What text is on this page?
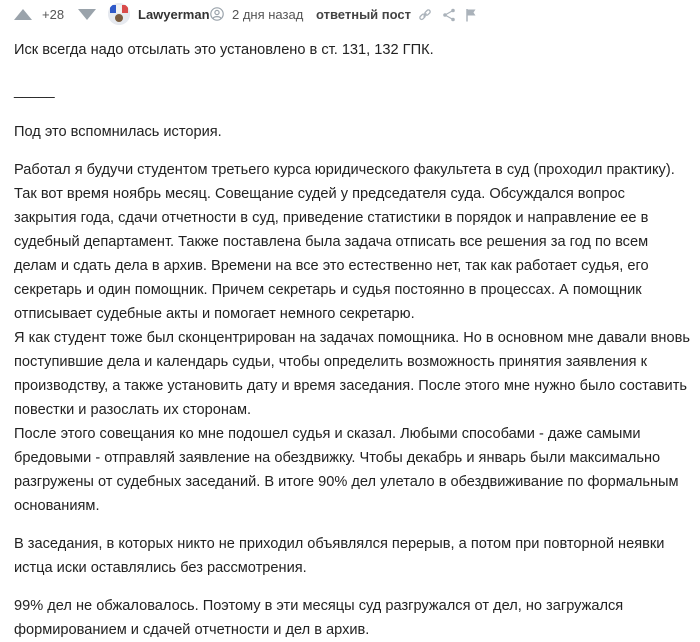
+28	Lawyerman 2 дня назад ответный пост

Иск всегда надо отсылать это установлено в ст. 131, 132 ГПК.

_____

Под это вспомнилась история.

Работал я будучи студентом третьего курса юридического факультета в суд (проходил практику). Так вот время ноябрь месяц. Совещание судей у председателя суда. Обсуждался вопрос закрытия года, сдачи отчетности в суд, приведение статистики в порядок и направление ее в судебный департамент. Также поставлена была задача отписать все решения за год по всем делам и сдать дела в архив. Времени на все это естественно нет, так как работает судья, его секретарь и один помощник. Причем секретарь и судья постоянно в процессах. А помощник отписывает судебные акты и помогает немного секретарю.

Я как студент тоже был сконцентрирован на задачах помощника. Но в основном мне давали вновь поступившие дела и календарь судьи, чтобы определить возможность принятия заявления к производству, а также установить дату и время заседания. После этого мне нужно было составить повестки и разослать их сторонам.

После этого совещания ко мне подошел судья и сказал. Любыми способами - даже самыми бредовыми - отправляй заявление на обездвижку. Чтобы декабрь и январь были максимально разгружены от судебных заседаний. В итоге 90% дел улетало в обездвиживание по формальным основаниям.

В заседания, в которых никто не приходил объявлялся перерыв, а потом при повторной неявки истца иски оставлялись без рассмотрения.

99% дел не обжаловалось. Поэтому в эти месяцы суд разгружался от дел, но загружался формированием и сдачей отчетности и дел в архив.
